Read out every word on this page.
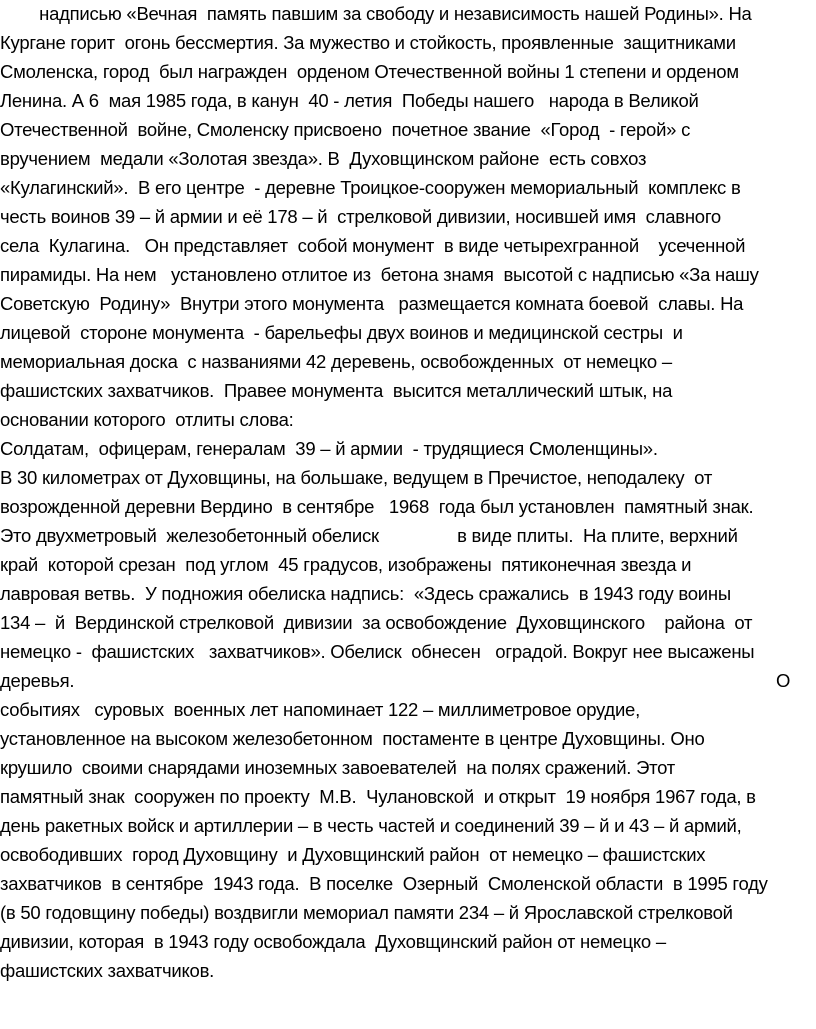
надписью «Вечная  память павшим за свободу и независимость нашей Родины». На
Кургане горит  огонь бессмертия. За мужество и стойкость, проявленные  защитниками
Смоленска, город  был награжден  орденом Отечественной войны 1 степени и орденом
Ленина. А 6  мая 1985 года, в канун  40 - летия  Победы нашего   народа в Великой
Отечественной  войне, Смоленску присвоено  почетное звание  «Город  - герой» с
вручением  медали «Золотая звезда». В  Духовщинском районе  есть совхоз
«Кулагинский».  В его центре  - деревне Троицкое-сооружен мемориальный  комплекс в
честь воинов 39 – й армии и её 178 – й  стрелковой дивизии, носившей имя  славного
села  Кулагина.   Он представляет  собой монумент  в виде четырехгранной    усеченной
пирамиды. На нем   установлено отлитое из  бетона знамя  высотой с надписью «За нашу
Советскую  Родину»  Внутри этого монумента   размещается комната боевой  славы. На
лицевой  стороне монумента  - барельефы двух воинов и медицинской сестры  и
мемориальная доска  с названиями 42 деревень, освобожденных  от немецко –
фашистских захватчиков.  Правее монумента  высится металлический штык, на
основании которого  отлиты слова:
Солдатам,  офицерам, генералам  39 – й армии  - трудящиеся Смоленщины».
В 30 километрах от Духовщины, на большаке, ведущем в Пречистое, неподалеку  от
возрожденной деревни Вердино  в сентябре   1968  года был установлен  памятный знак.
Это двухметровый  железобетонный обелиск                в виде плиты.  На плите, верхний
край  которой срезан  под углом  45 градусов, изображены  пятиконечная звезда и
лавровая ветвь.  У подножия обелиска надпись:  «Здесь сражались  в 1943 году воины
134 –  й  Вердинской стрелковой  дивизии  за освобождение  Духовщинского    района  от
немецко -  фашистских   захватчиков». Обелиск  обнесен   оградой. Вокруг нее высажены
деревья.	О
событиях   суровых  военных лет напоминает 122 – миллиметровое орудие,
установленное на высоком железобетонном  постаменте в центре Духовщины. Оно
крушило  своими снарядами иноземных завоевателей  на полях сражений. Этот
памятный знак  сооружен по проекту  М.В.  Чулановской  и открыт  19 ноября 1967 года, в
день ракетных войск и артиллерии – в честь частей и соединений 39 – й и 43 – й армий,
освободивших  город Духовщину  и Духовщинский район  от немецко – фашистских
захватчиков  в сентябре  1943 года.  В поселке  Озерный  Смоленской области  в 1995 году
(в 50 годовщину победы) воздвигли мемориал памяти 234 – й Ярославской стрелковой
дивизии, которая  в 1943 году освобождала  Духовщинский район от немецко –
фашистских захватчиков.
